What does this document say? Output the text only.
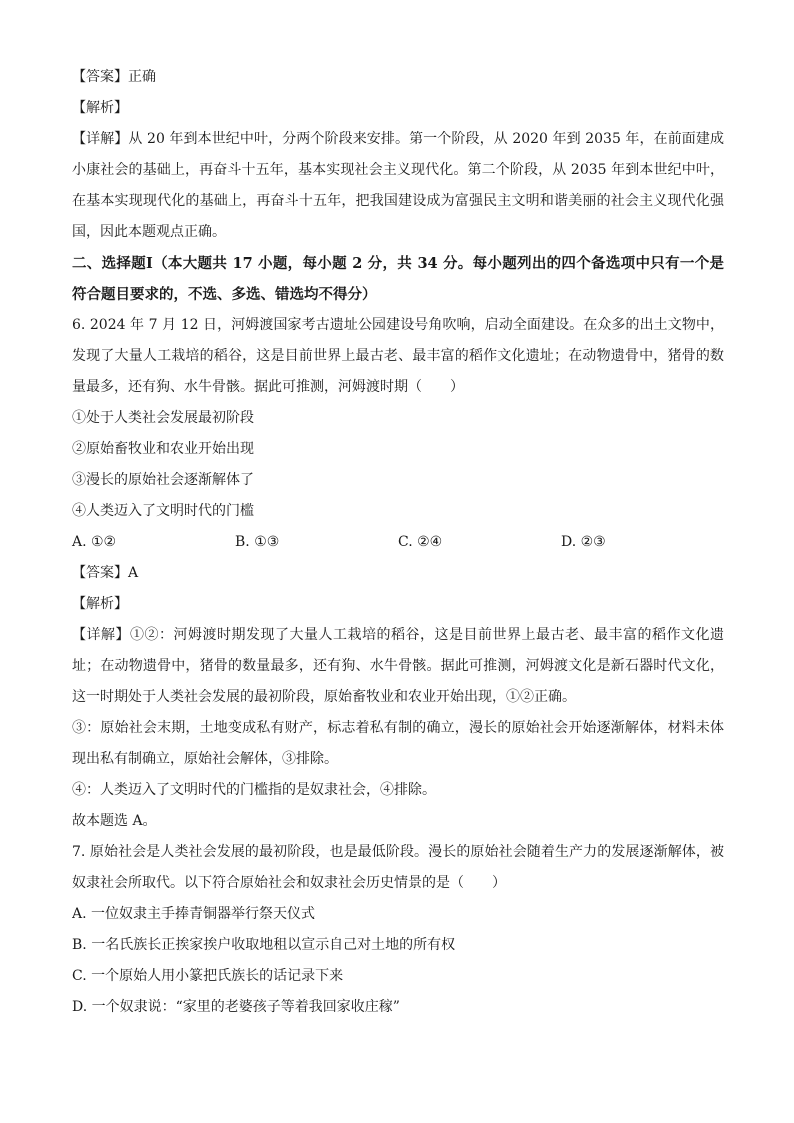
【答案】正确
【解析】
【详解】从 20 年到本世纪中叶，分两个阶段来安排。第一个阶段，从 2020 年到 2035 年，在前面建成小康社会的基础上，再奋斗十五年，基本实现社会主义现代化。第二个阶段，从 2035 年到本世纪中叶，在基本实现现代化的基础上，再奋斗十五年，把我国建设成为富强民主文明和谐美丽的社会主义现代化强国，因此本题观点正确。
二、选择题Ⅰ（本大题共 17 小题，每小题 2 分，共 34 分。每小题列出的四个备选项中只有一个是符合题目要求的，不选、多选、错选均不得分）
6. 2024 年 7 月 12 日，河姆渡国家考古遗址公园建设号角吹响，启动全面建设。在众多的出土文物中，发现了大量人工栽培的稻谷，这是目前世界上最古老、最丰富的稻作文化遗址；在动物遗骨中，猪骨的数量最多，还有狗、水牛骨骸。据此可推测，河姆渡时期（　　）
①处于人类社会发展最初阶段
②原始畜牧业和农业开始出现
③漫长的原始社会逐渐解体了
④人类迈入了文明时代的门槛
A. ①②	B. ①③	C. ②④	D. ②③
【答案】A
【解析】
【详解】①②：河姆渡时期发现了大量人工栽培的稻谷，这是目前世界上最古老、最丰富的稻作文化遗址；在动物遗骨中，猪骨的数量最多，还有狗、水牛骨骸。据此可推测，河姆渡文化是新石器时代文化，这一时期处于人类社会发展的最初阶段，原始畜牧业和农业开始出现，①②正确。
③：原始社会末期，土地变成私有财产，标志着私有制的确立，漫长的原始社会开始逐渐解体，材料未体现出私有制确立，原始社会解体，③排除。
④：人类迈入了文明时代的门槛指的是奴隶社会，④排除。
故本题选 A。
7. 原始社会是人类社会发展的最初阶段，也是最低阶段。漫长的原始社会随着生产力的发展逐渐解体，被奴隶社会所取代。以下符合原始社会和奴隶社会历史情景的是（　　）
A. 一位奴隶主手捧青铜器举行祭天仪式
B. 一名氏族长正挨家挨户收取地租以宣示自己对土地的所有权
C. 一个原始人用小篆把氏族长的话记录下来
D. 一个奴隶说：“家里的老婆孩子等着我回家收庄稼”
